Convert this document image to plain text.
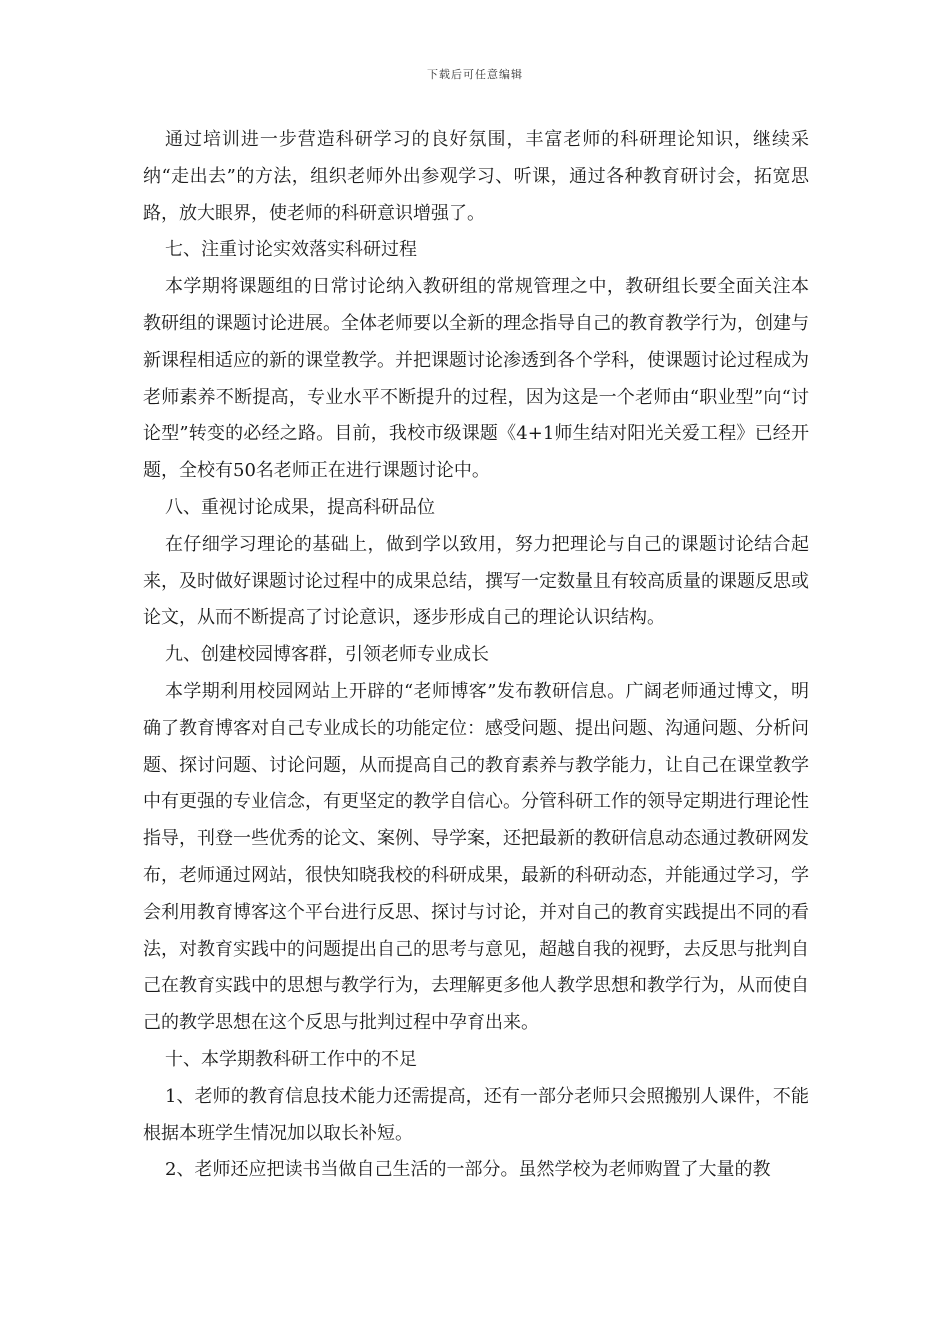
下载后可任意编辑

通过培训进一步营造科研学习的良好氛围，丰富老师的科研理论知识，继续采纳“走出去”的方法，组织老师外出参观学习、听课，通过各种教育研讨会，拓宽思路，放大眼界，使老师的科研意识增强了。

七、注重讨论实效落实科研过程

本学期将课题组的日常讨论纳入教研组的常规管理之中，教研组长要全面关注本教研组的课题讨论进展。全体老师要以全新的理念指导自己的教育教学行为，创建与新课程相适应的新的课堂教学。并把课题讨论渗透到各个学科，使课题讨论过程成为老师素养不断提高，专业水平不断提升的过程，因为这是一个老师由“职业型”向“讨论型”转变的必经之路。目前，我校市级课题《4+1师生结对阳光关爱工程》已经开题，全校有50名老师正在进行课题讨论中。

八、重视讨论成果，提高科研品位

在仔细学习理论的基础上，做到学以致用，努力把理论与自己的课题讨论结合起来，及时做好课题讨论过程中的成果总结，撰写一定数量且有较高质量的课题反思或论文，从而不断提高了讨论意识，逐步形成自己的理论认识结构。

九、创建校园博客群，引领老师专业成长

本学期利用校园网站上开辟的“老师博客”发布教研信息。广阔老师通过博文，明确了教育博客对自己专业成长的功能定位：感受问题、提出问题、沟通问题、分析问题、探讨问题、讨论问题，从而提高自己的教育素养与教学能力，让自己在课堂教学中有更强的专业信念，有更坚定的教学自信心。分管科研工作的领导定期进行理论性指导，刊登一些优秀的论文、案例、导学案，还把最新的教研信息动态通过教研网发布，老师通过网站，很快知晓我校的科研成果，最新的科研动态，并能通过学习，学会利用教育博客这个平台进行反思、探讨与讨论，并对自己的教育实践提出不同的看法，对教育实践中的问题提出自己的思考与意见，超越自我的视野，去反思与批判自己在教育实践中的思想与教学行为，去理解更多他人教学思想和教学行为，从而使自己的教学思想在这个反思与批判过程中孕育出来。

十、本学期教科研工作中的不足

1、老师的教育信息技术能力还需提高，还有一部分老师只会照搬别人课件，不能根据本班学生情况加以取长补短。

2、老师还应把读书当做自己生活的一部分。虽然学校为老师购置了大量的教
